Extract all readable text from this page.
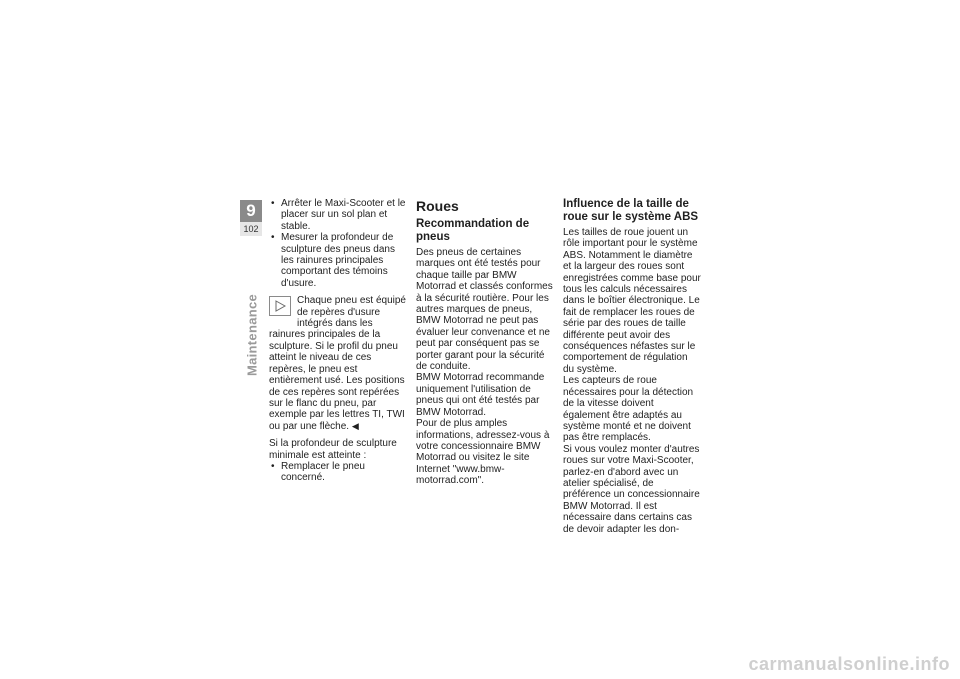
9
102
Maintenance
• Arrêter le Maxi-Scooter et le placer sur un sol plan et stable.
• Mesurer la profondeur de sculpture des pneus dans les rainures principales comportant des témoins d'usure.
Chaque pneu est équipé de repères d'usure intégrés dans les rainures principales de la sculpture. Si le profil du pneu atteint le niveau de ces repères, le pneu est entièrement usé. Les positions de ces repères sont repérées sur le flanc du pneu, par exemple par les lettres TI, TWI ou par une flèche. ◀

Si la profondeur de sculpture minimale est atteinte :

• Remplacer le pneu concerné.
Roues
Recommandation de pneus

Des pneus de certaines marques ont été testés pour chaque taille par BMW Motorrad et classés conformes à la sécurité routière. Pour les autres marques de pneus, BMW Motorrad ne peut pas évaluer leur convenance et ne peut par conséquent pas se porter garant pour la sécurité de conduite.

BMW Motorrad recommande uniquement l'utilisation de pneus qui ont été testés par BMW Motorrad.

Pour de plus amples informations, adressez-vous à votre concessionnaire BMW Motorrad ou visitez le site Internet "www.bmw-motorrad.com".

Influence de la taille de roue sur le système ABS

Les tailles de roue jouent un rôle important pour le système ABS. Notamment le diamètre et la largeur des roues sont enregistrées comme base pour tous les calculs nécessaires dans le boîtier électronique. Le fait de remplacer les roues de série par des roues de taille différente peut avoir des conséquences néfastes sur le comportement de régulation du système.

Les capteurs de roue nécessaires pour la détection de la vitesse doivent également être adaptés au système monté et ne doivent pas être remplacés.

Si vous voulez monter d'autres roues sur votre Maxi-Scooter, parlez-en d'abord avec un atelier spécialisé, de préférence un concessionnaire BMW Motorrad. Il est nécessaire dans certains cas de devoir adapter les don-

carmanualsonline.info
